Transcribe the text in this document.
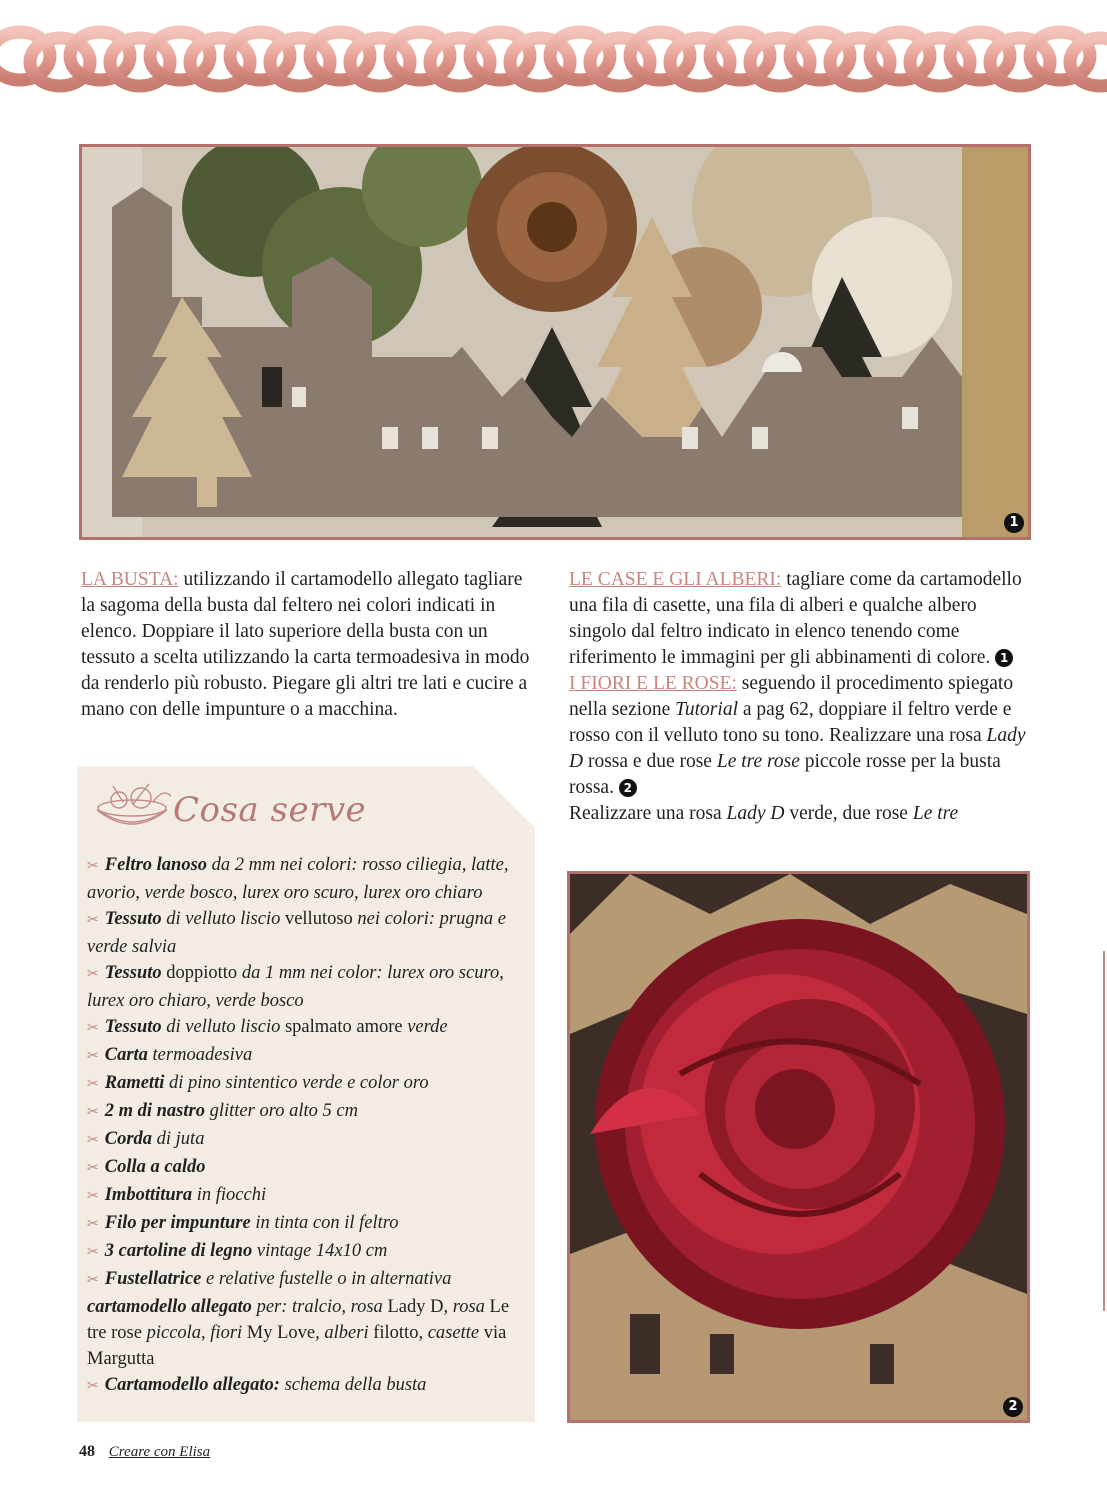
1

LA BUSTA: utilizzando il cartamodello allegato tagliare la sagoma della busta dal feltero nei colori indicati in elenco. Doppiare il lato superiore della busta con un tessuto a scelta utilizzando la carta termoadesiva in modo da renderlo più robusto. Piegare gli altri tre lati e cucire a mano con delle impunture o a macchina.

LE CASE E GLI ALBERI: tagliare come da cartamodello una fila di casette, una fila di alberi e qualche albero singolo dal feltro indicato in elenco tenendo come riferimento le immagini per gli abbinamenti di colore. 1

I FIORI E LE ROSE: seguendo il procedimento spiegato nella sezione Tutorial a pag 62, doppiare il feltro verde e rosso con il velluto tono su tono. Realizzare una rosa Lady D rossa e due rose Le tre rose piccole rosse per la busta rossa. 2

Realizzare una rosa Lady D verde, due rose Le tre

Cosa serve
✂ Feltro lanoso da 2 mm nei colori: rosso ciliegia, latte, avorio, verde bosco, lurex oro scuro, lurex oro chiaro
✂ Tessuto di velluto liscio vellutoso nei colori: prugna e verde salvia
✂ Tessuto doppiotto da 1 mm nei color: lurex oro scuro, lurex oro chiaro, verde bosco
✂ Tessuto di velluto liscio spalmato amore verde
✂ Carta termoadesiva
✂ Rametti di pino sintentico verde e color oro
✂ 2 m di nastro glitter oro alto 5 cm
✂ Corda di juta
✂ Colla a caldo
✂ Imbottitura in fiocchi
✂ Filo per impunture in tinta con il feltro
✂ 3 cartoline di legno vintage 14x10 cm
✂ Fustellatrice e relative fustelle o in alternativa cartamodello allegato per: tralcio, rosa Lady D, rosa Le tre rose piccola, fiori My Love, alberi filotto, casette via Margutta
✂ Cartamodello allegato: schema della busta
2
48 Creare con Elisa
